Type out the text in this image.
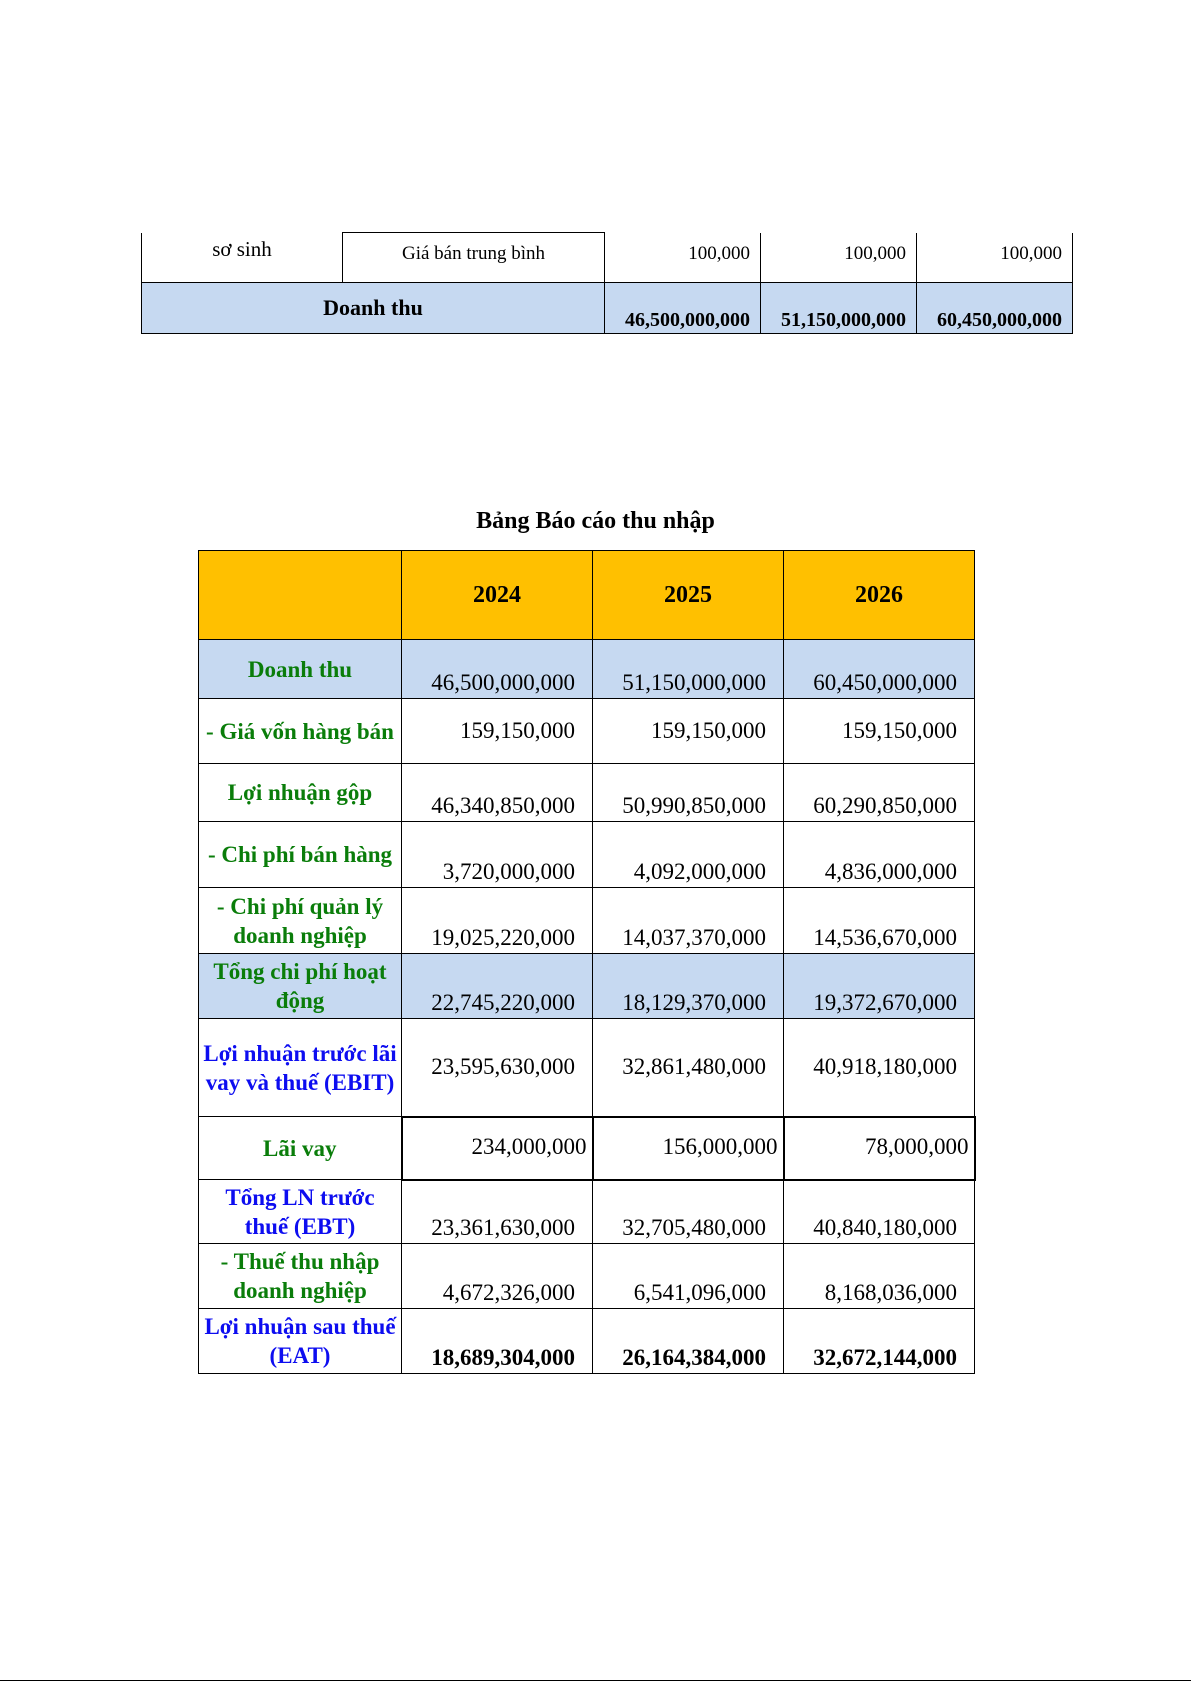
sơ sinh	Giá bán trung bình	100,000	100,000	100,000
Doanh thu		46,500,000,000	51,150,000,000	60,450,000,000
Bảng Báo cáo thu nhập
	2024	2025	2026
Doanh thu	46,500,000,000	51,150,000,000	60,450,000,000
- Giá vốn hàng bán	159,150,000	159,150,000	159,150,000
Lợi nhuận gộp	46,340,850,000	50,990,850,000	60,290,850,000
- Chi phí bán hàng	3,720,000,000	4,092,000,000	4,836,000,000
- Chi phí quản lý doanh nghiệp	19,025,220,000	14,037,370,000	14,536,670,000
Tổng chi phí hoạt động	22,745,220,000	18,129,370,000	19,372,670,000
Lợi nhuận trước lãi vay và thuế (EBIT)	23,595,630,000	32,861,480,000	40,918,180,000
Lãi vay	234,000,000	156,000,000	78,000,000
Tổng LN trước thuế (EBT)	23,361,630,000	32,705,480,000	40,840,180,000
- Thuế thu nhập doanh nghiệp	4,672,326,000	6,541,096,000	8,168,036,000
Lợi nhuận sau thuế (EAT)	18,689,304,000	26,164,384,000	32,672,144,000
